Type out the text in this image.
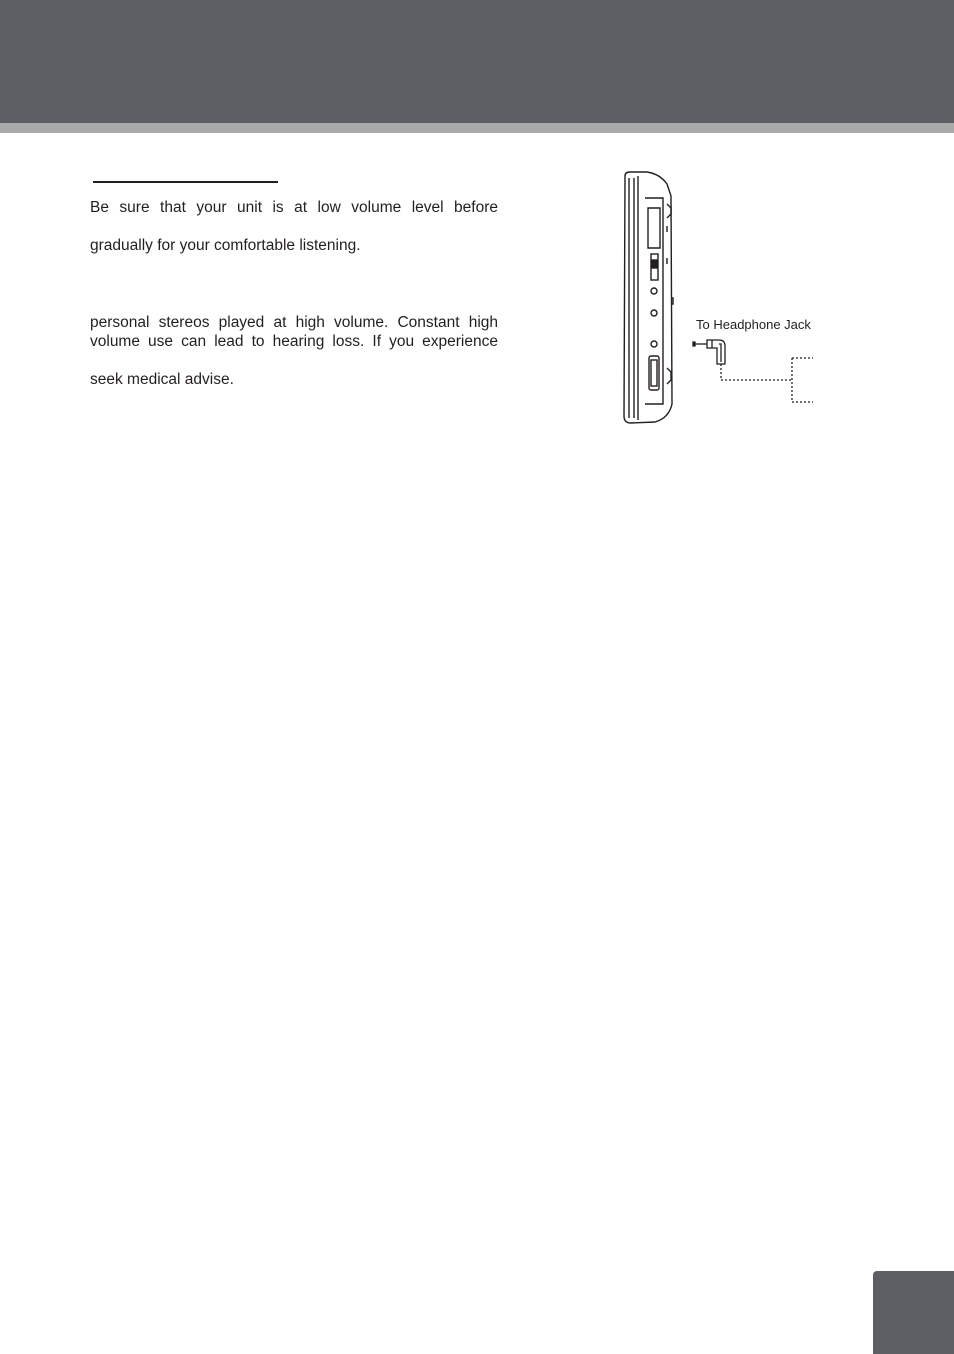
Be sure that your unit is at low volume level before
gradually for your comfortable listening.
personal stereos played at high volume. Constant high
volume use can lead to hearing loss. If you experience
seek medical advise.
To Headphone Jack
